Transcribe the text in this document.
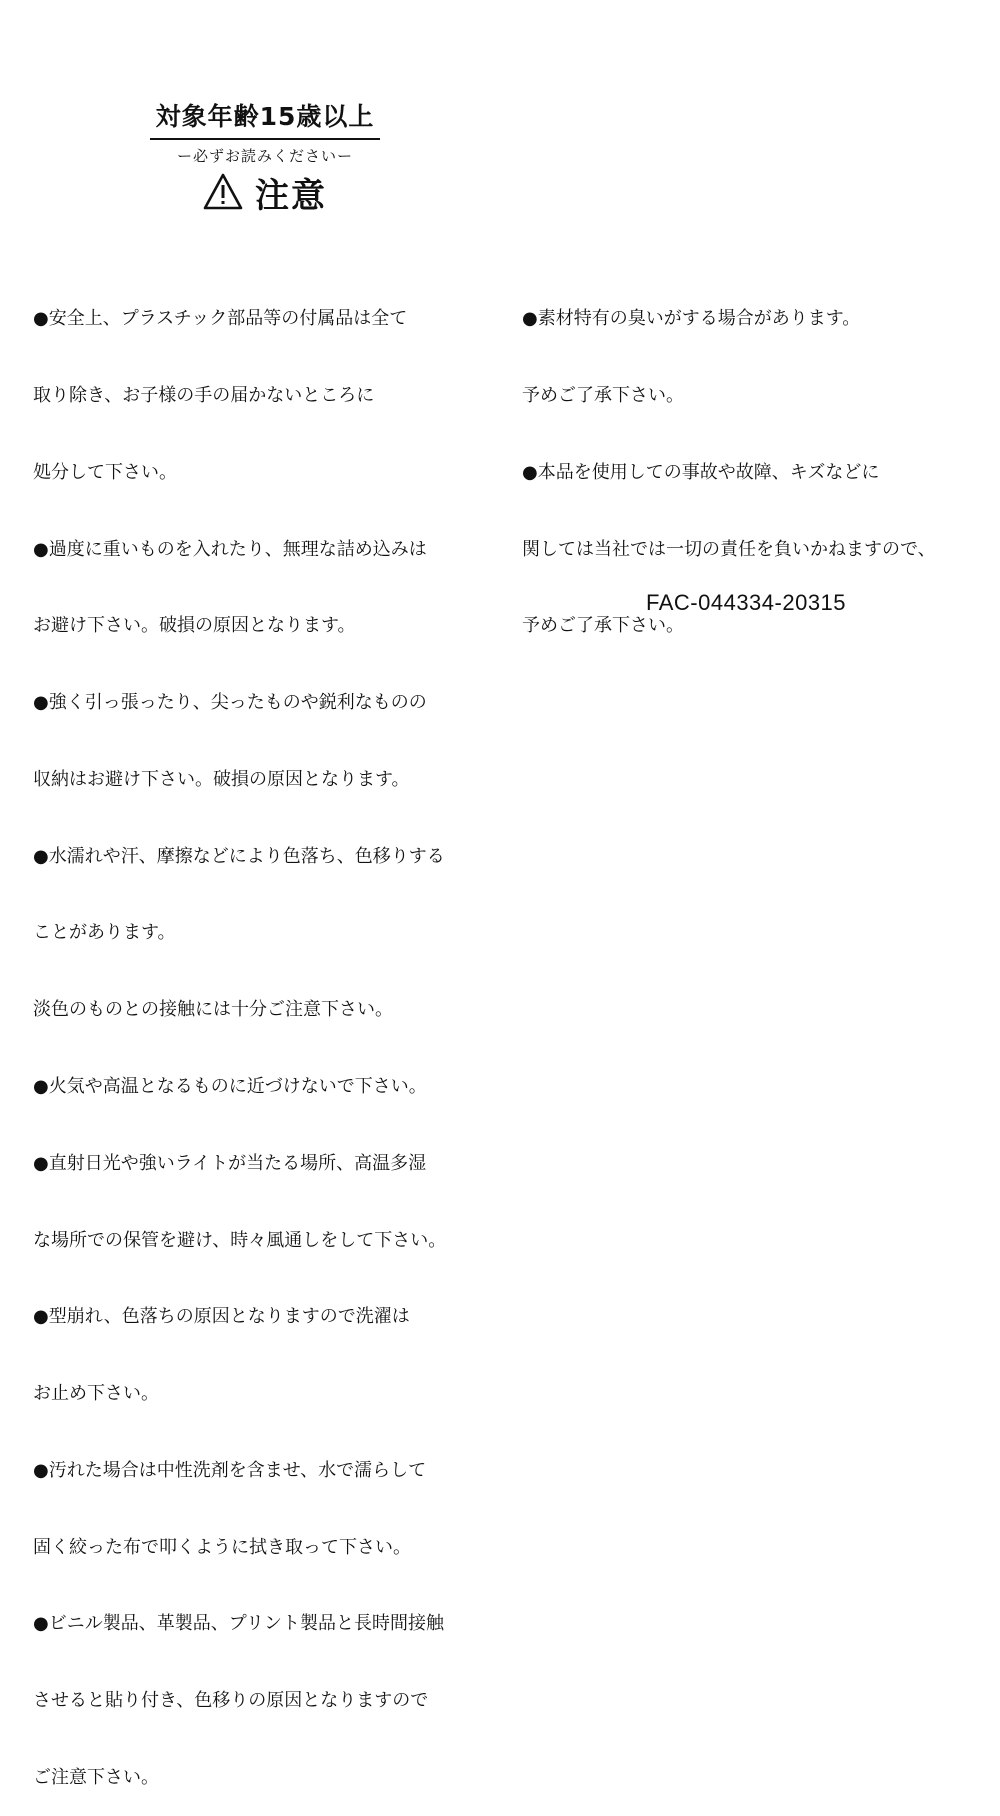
対象年齢15歳以上
ー必ずお読みくださいー
注意

●安全上、プラスチック部品等の付属品は全て

取り除き、お子様の手の届かないところに

処分して下さい。

●過度に重いものを入れたり、無理な詰め込みは

お避け下さい。破損の原因となります。

●強く引っ張ったり、尖ったものや鋭利なものの

収納はお避け下さい。破損の原因となります。

●水濡れや汗、摩擦などにより色落ち、色移りする

ことがあります。

淡色のものとの接触には十分ご注意下さい。

●火気や高温となるものに近づけないで下さい。

●直射日光や強いライトが当たる場所、高温多湿

な場所での保管を避け、時々風通しをして下さい。

●型崩れ、色落ちの原因となりますので洗濯は

お止め下さい。

●汚れた場合は中性洗剤を含ませ、水で濡らして

固く絞った布で叩くように拭き取って下さい。

●ビニル製品、革製品、プリント製品と長時間接触

させると貼り付き、色移りの原因となりますので

ご注意下さい。

●素材特有の臭いがする場合があります。

予めご了承下さい。

●本品を使用しての事故や故障、キズなどに

関しては当社では一切の責任を負いかねますので、

予めご了承下さい。

FAC-044334-20315
